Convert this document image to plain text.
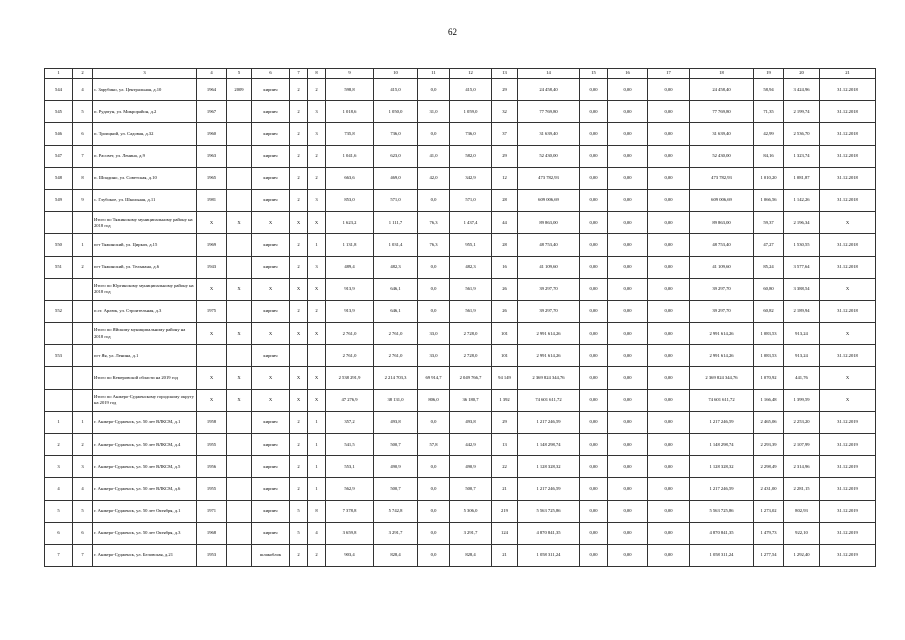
62
1	2	3	4	5	6	7	8	9	10	11	12	13	14	15	16	17	18	19	20	21
544	4	с. Зарубино, ул. Центральная, д.10	1964	2009	кирпич	2	2	598,8	415,0	0,0	415,0	29	24 458,40	0,00	0,00	0,00	24 458,40	58,94	3 424,96	31.12.2018
545	5	п. Рудатун, ул. Микрорайон, д.2	1967		кирпич	2	3	1 018,6	1 050,0	31,0	1 059,0	32	77 769,80	0,00	0,00	0,00	77 769,80	71,35	2 199,74	31.12.2018
546	6	п. Троицкий, ул. Садовая, д.32	1960		кирпич	2	3	735,8	736,0	0,0	736,0	37	31 639,40	0,00	0,00	0,00	31 639,40	42,99	2 536,70	31.12.2018
547	7	п. Рассвет, ул. Ленина, д.9	1963		кирпич	2	2	1 041,6	623,0	41,0	582,0	29	52 430,00	0,00	0,00	0,00	52 430,00	84,16	1 323,74	31.12.2018
548	8	п. Шпадино, ул. Советская, д.10	1965		кирпич	2	2	663,6	469,0	42,0	342,9	12	473 782,93	0,00	0,00	0,00	473 782,93	1 010,20	1 081,87	31.12.2018
549	9	с. Глубокое, ул. Школьная, д.11	1981		кирпич	2	3	853,0	571,0	0,0	571,0	28	609 006,69	0,00	0,00	0,00	609 006,69	1 066,56	1 142,26	31.12.2018
		Итого по Тяжинскому муниципальному району на 2018 год	X	X	X	X	X	1 623,2	1 111,7	76,3	1 437,4	44	89 863,00	0,00	0,00	0,00	89 863,00	59,37	2 196,34	X
550	1	пгт Тяжинский, ул. Циркач, д.15	1969		кирпич	2	1	1 131,8	1 031,4	76,3	955,1	28	48 753,40	0,00	0,00	0,00	48 753,40	47,27	1 530,55	31.12.2018
551	2	пгт Тяжинский, ул. Тельмана, д.6	1943		кирпич	2	3	489,4	482,3	0,0	482,3	16	41 109,60	0,00	0,00	0,00	41 109,60	85,24	3 577,64	31.12.2018
		Итого по Юргинскому муниципальному району на 2018 год	X	X	X	X	X	913,9	646,1	0,0	561,9	26	39 297,70	0,00	0,00	0,00	39 297,70	60,80	3 388,54	X
552		п.ст. Арлюк, ул. Строительная, д.3	1975		кирпич	2	2	913,9	646,1	0,0	561,9	26	39 297,70	0,00	0,00	0,00	39 297,70	60,82	2 189,94	31.12.2018
		Итого по Яйскому муниципальному району на 2018 год	X	X	X	X	X	2 761,0	2 761,0	33,0	2 728,0	101	2 991 614,26	0,00	0,00	0,00	2 991 614,26	1 083,53	913,24	X
553		пгт Яя, ул. Ленина, д.1			кирпич			2 761,0	2 761,0	33,0	2 728,0	101	2 991 614,26	0,00	0,00	0,00	2 991 614,26	1 083,53	913,24	31.12.2018
		Итого по Кемеровской области на 2019 год	X	X	X	X	X	2 538 291,9	2 214 703,3	69 914,7	2 049 766,7	94 149	2 369 824 344,76	0,00	0,00	0,00	2 369 824 344,76	1 070,92	441,76	X
		Итого по Анжеро-Судженскому городскому округу на 2019 год	X	X	X	X	X	47 276,9	38 131,0	806,0	36 180,7	1 392	74 601 611,72	0,00	0,00	0,00	74 601 611,72	1 166,48	1 399,59	X
1	1	г. Анжеро-Судженск, ул. 50 лет ВЛКСМ, д.1	1958		кирпич	2	1	357,2	493,8	0,0	493,8	29	1 217 246,59	0,00	0,00	0,00	1 217 246,59	2 465,06	2 253,20	31.12.2019
2	2	г. Анжеро-Судженск, ул. 50 лет ВЛКСМ, д.4	1955		кирпич	2	1	541,5	500,7	57,8	442,9	13	1 148 298,74	0,00	0,00	0,00	1 148 298,74	2 293,39	2 107,99	31.12.2019
3	3	г. Анжеро-Судженск, ул. 50 лет ВЛКСМ, д.5	1956		кирпич	2	1	553,1	490,9	0,0	490,9	22	1 128 328,32	0,00	0,00	0,00	1 128 328,32	2 298,49	2 314,96	31.12.2019
4	4	г. Анжеро-Судженск, ул. 50 лет ВЛКСМ, д.6	1955		кирпич	2	1	562,9	500,7	0,0	500,7	21	1 217 246,59	0,00	0,00	0,00	1 217 246,59	2 431,00	2 281,15	31.12.2019
5	5	г. Анжеро-Судженск, ул. 50 лет Октября, д.1	1971		кирпич	5	8	7 378,8	5 742,8	0,0	5 306,0	219	5 563 725,86	0,00	0,00	0,00	5 563 725,86	1 273,02	802,93	31.12.2019
6	6	г. Анжеро-Судженск, ул. 50 лет Октября, д.3	1968		кирпич	5	4	3 659,8	3 291,7	0,0	3 291,7	124	4 870 841,35	0,00	0,00	0,00	4 870 841,35	1 479,73	922,10	31.12.2019
7	7	г. Анжеро-Судженск, ул. Беловская, д.21	1953		шлакоблок	2	2	903,4	828,4	0,0	828,4	21	1 058 311,24	0,00	0,00	0,00	1 058 311,24	1 277,54	1 292,40	31.12.2019
